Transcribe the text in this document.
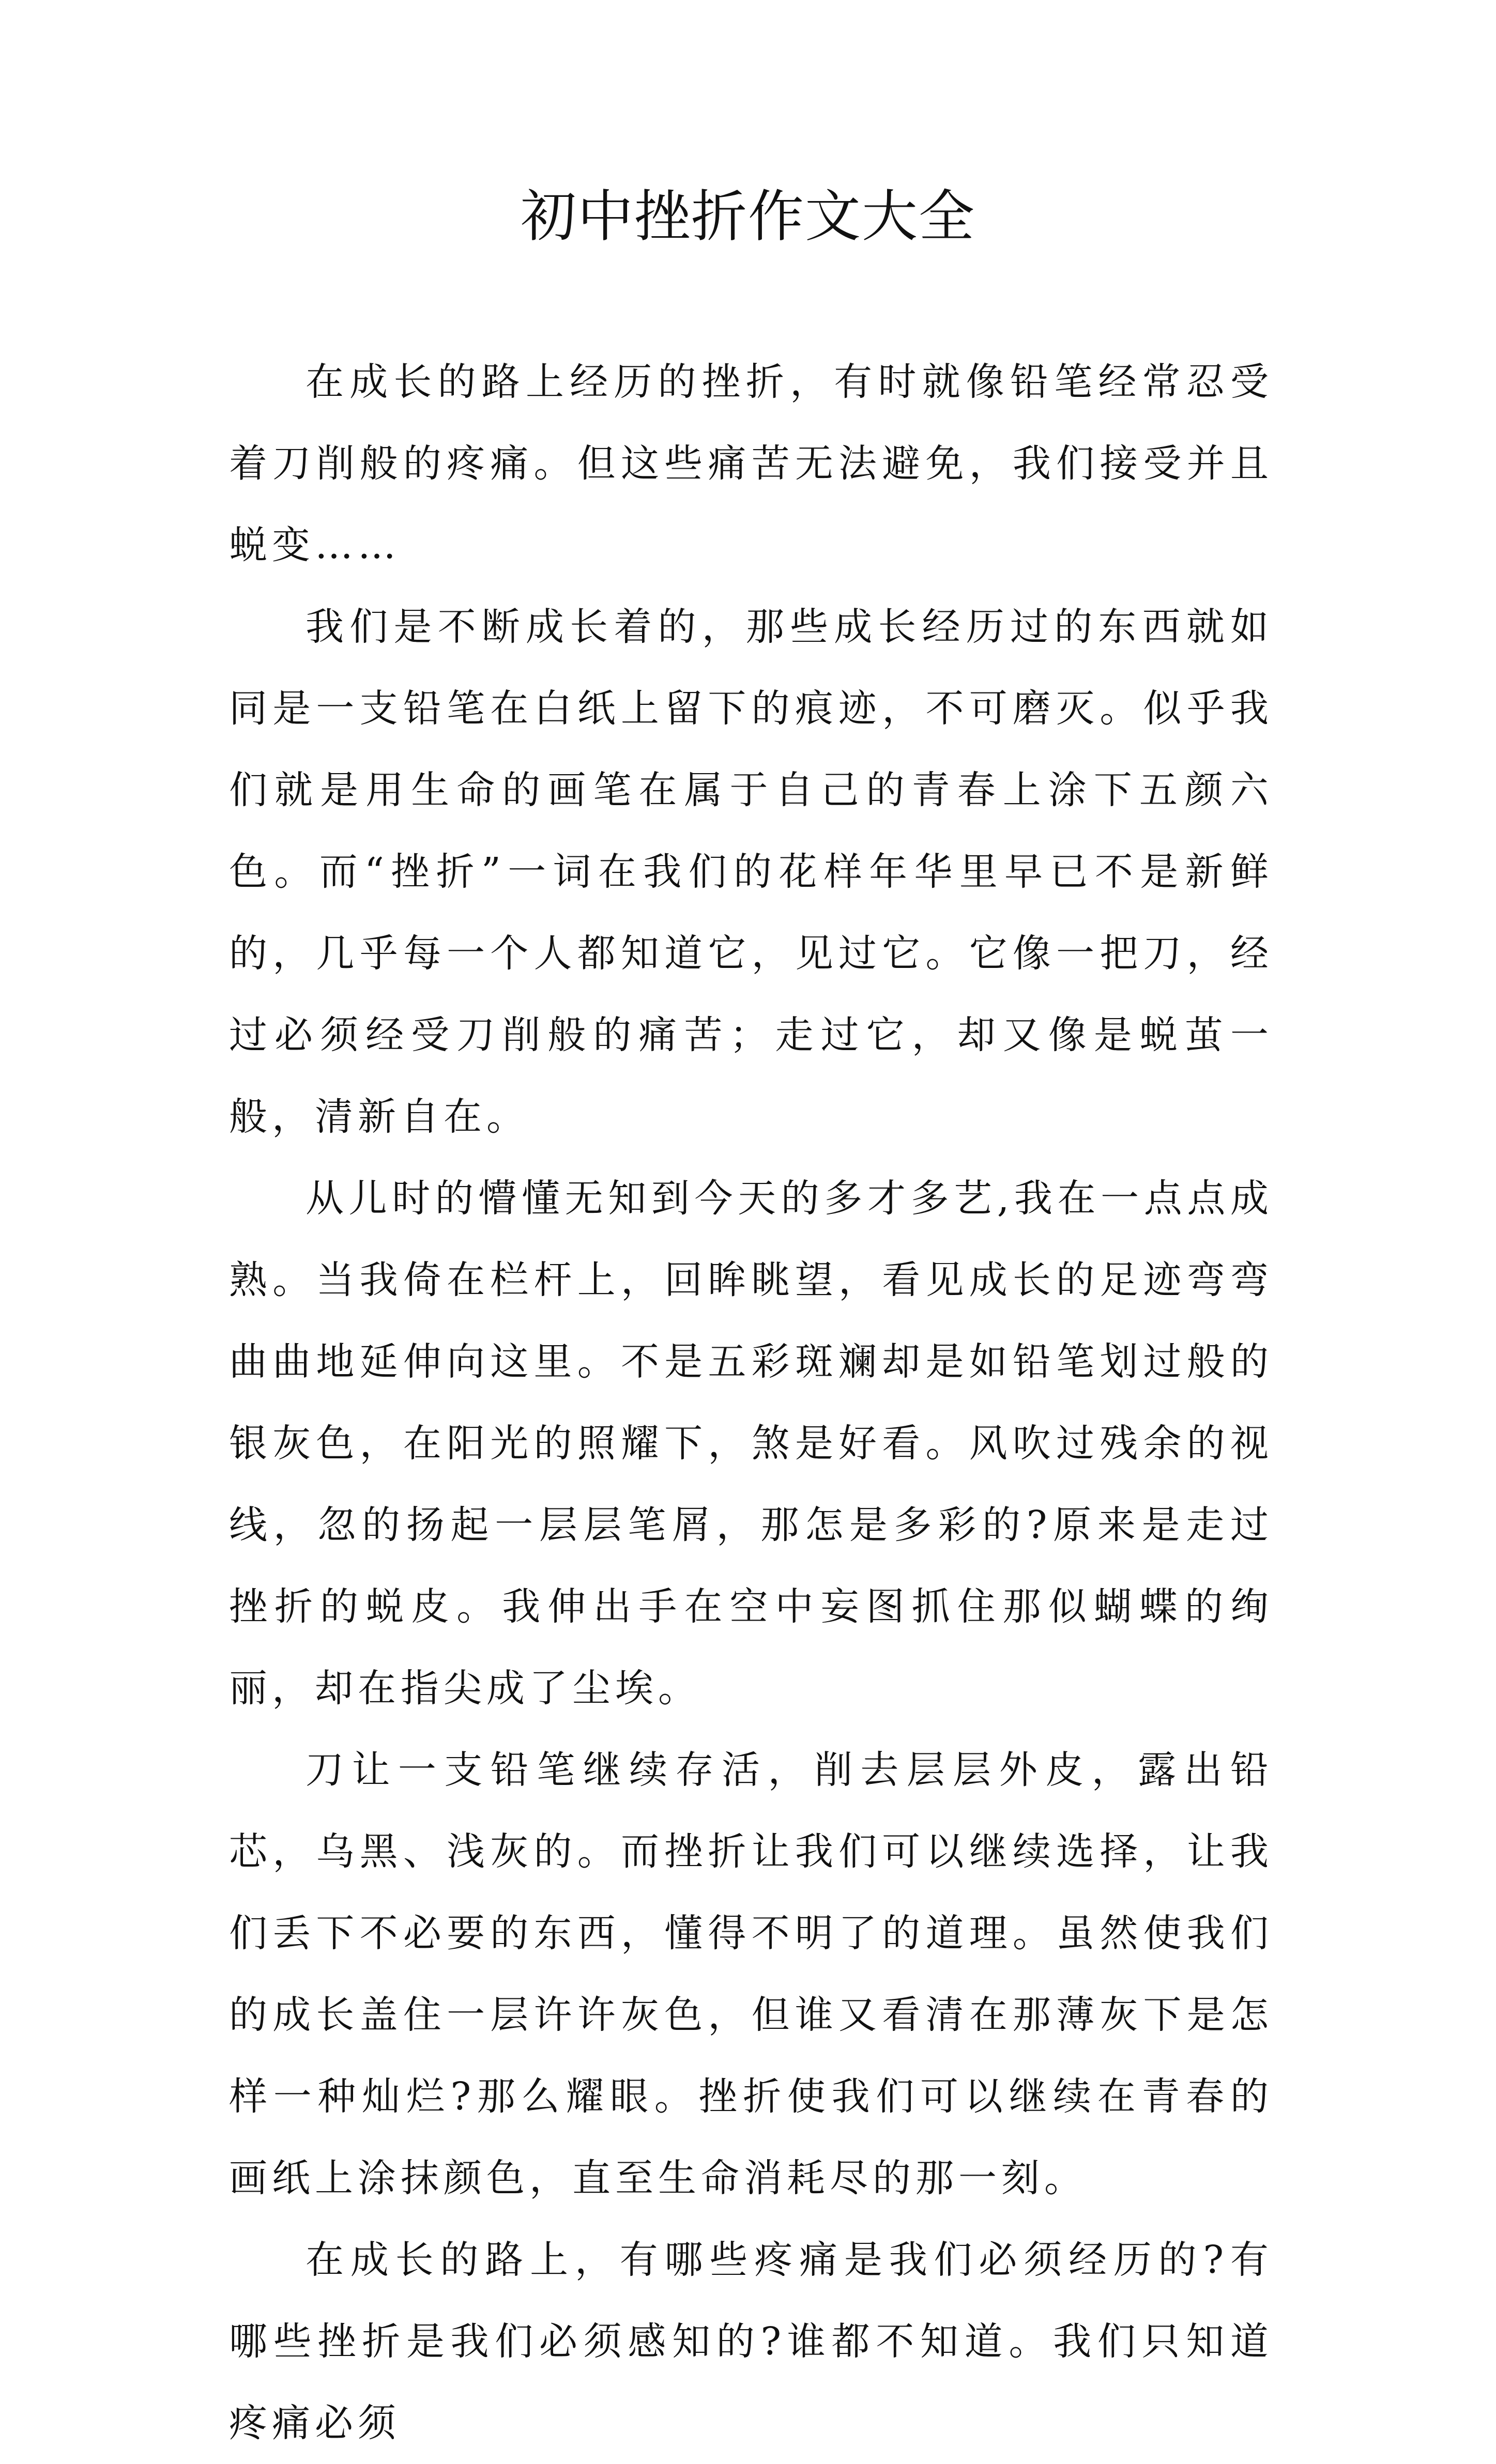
初中挫折作文大全

在成长的路上经历的挫折，有时就像铅笔经常忍受着刀削般的疼痛。但这些痛苦无法避免，我们接受并且蜕变……

我们是不断成长着的，那些成长经历过的东西就如同是一支铅笔在白纸上留下的痕迹，不可磨灭。似乎我们就是用生命的画笔在属于自己的青春上涂下五颜六色。而“挫折”一词在我们的花样年华里早已不是新鲜的，几乎每一个人都知道它，见过它。它像一把刀，经过必须经受刀削般的痛苦；走过它，却又像是蜕茧一般，清新自在。

从儿时的懵懂无知到今天的多才多艺,我在一点点成熟。当我倚在栏杆上，回眸眺望，看见成长的足迹弯弯曲曲地延伸向这里。不是五彩斑斓却是如铅笔划过般的银灰色，在阳光的照耀下，煞是好看。风吹过残余的视线，忽的扬起一层层笔屑，那怎是多彩的?原来是走过挫折的蜕皮。我伸出手在空中妄图抓住那似蝴蝶的绚丽，却在指尖成了尘埃。

刀让一支铅笔继续存活，削去层层外皮，露出铅芯，乌黑、浅灰的。而挫折让我们可以继续选择，让我们丢下不必要的东西，懂得不明了的道理。虽然使我们的成长盖住一层许许灰色，但谁又看清在那薄灰下是怎样一种灿烂?那么耀眼。挫折使我们可以继续在青春的画纸上涂抹颜色，直至生命消耗尽的那一刻。

在成长的路上，有哪些疼痛是我们必须经历的?有哪些挫折是我们必须感知的?谁都不知道。我们只知道疼痛必须
